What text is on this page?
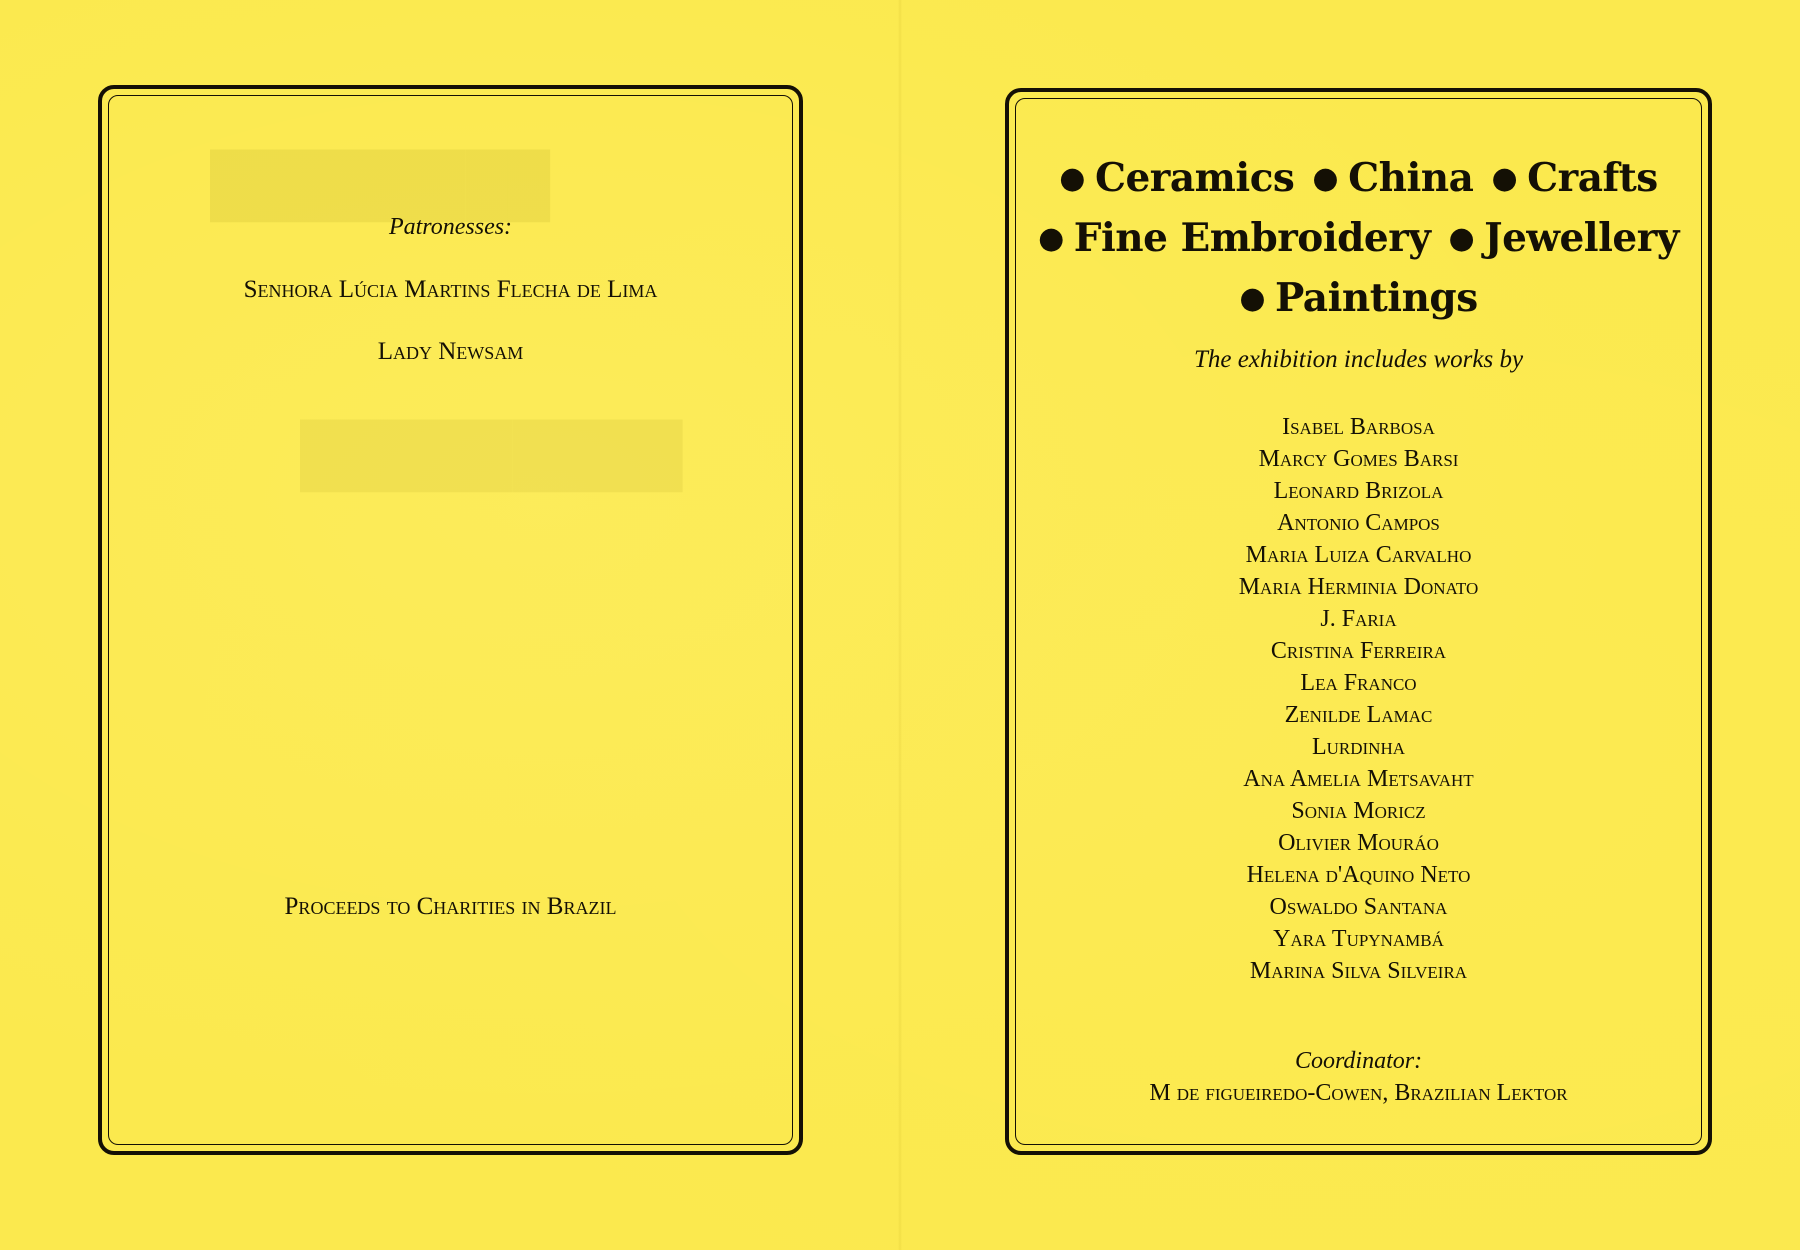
████████
█████████
Patronesses:
Senhora Lúcia Martins Flecha de Lima
Lady Newsam
Proceeds to Charities in Brazil
● Ceramics ● China ● Crafts
● Fine Embroidery ● Jewellery
● Paintings
The exhibition includes works by
Isabel Barbosa
Marcy Gomes Barsi
Leonard Brizola
Antonio Campos
Maria Luiza Carvalho
Maria Herminia Donato
J. Faria
Cristina Ferreira
Lea Franco
Zenilde Lamac
Lurdinha
Ana Amelia Metsavaht
Sonia Moricz
Olivier Mouráo
Helena d'Aquino Neto
Oswaldo Santana
Yara Tupynambá
Marina Silva Silveira
Coordinator:
M de figueiredo-Cowen, Brazilian Lektor
